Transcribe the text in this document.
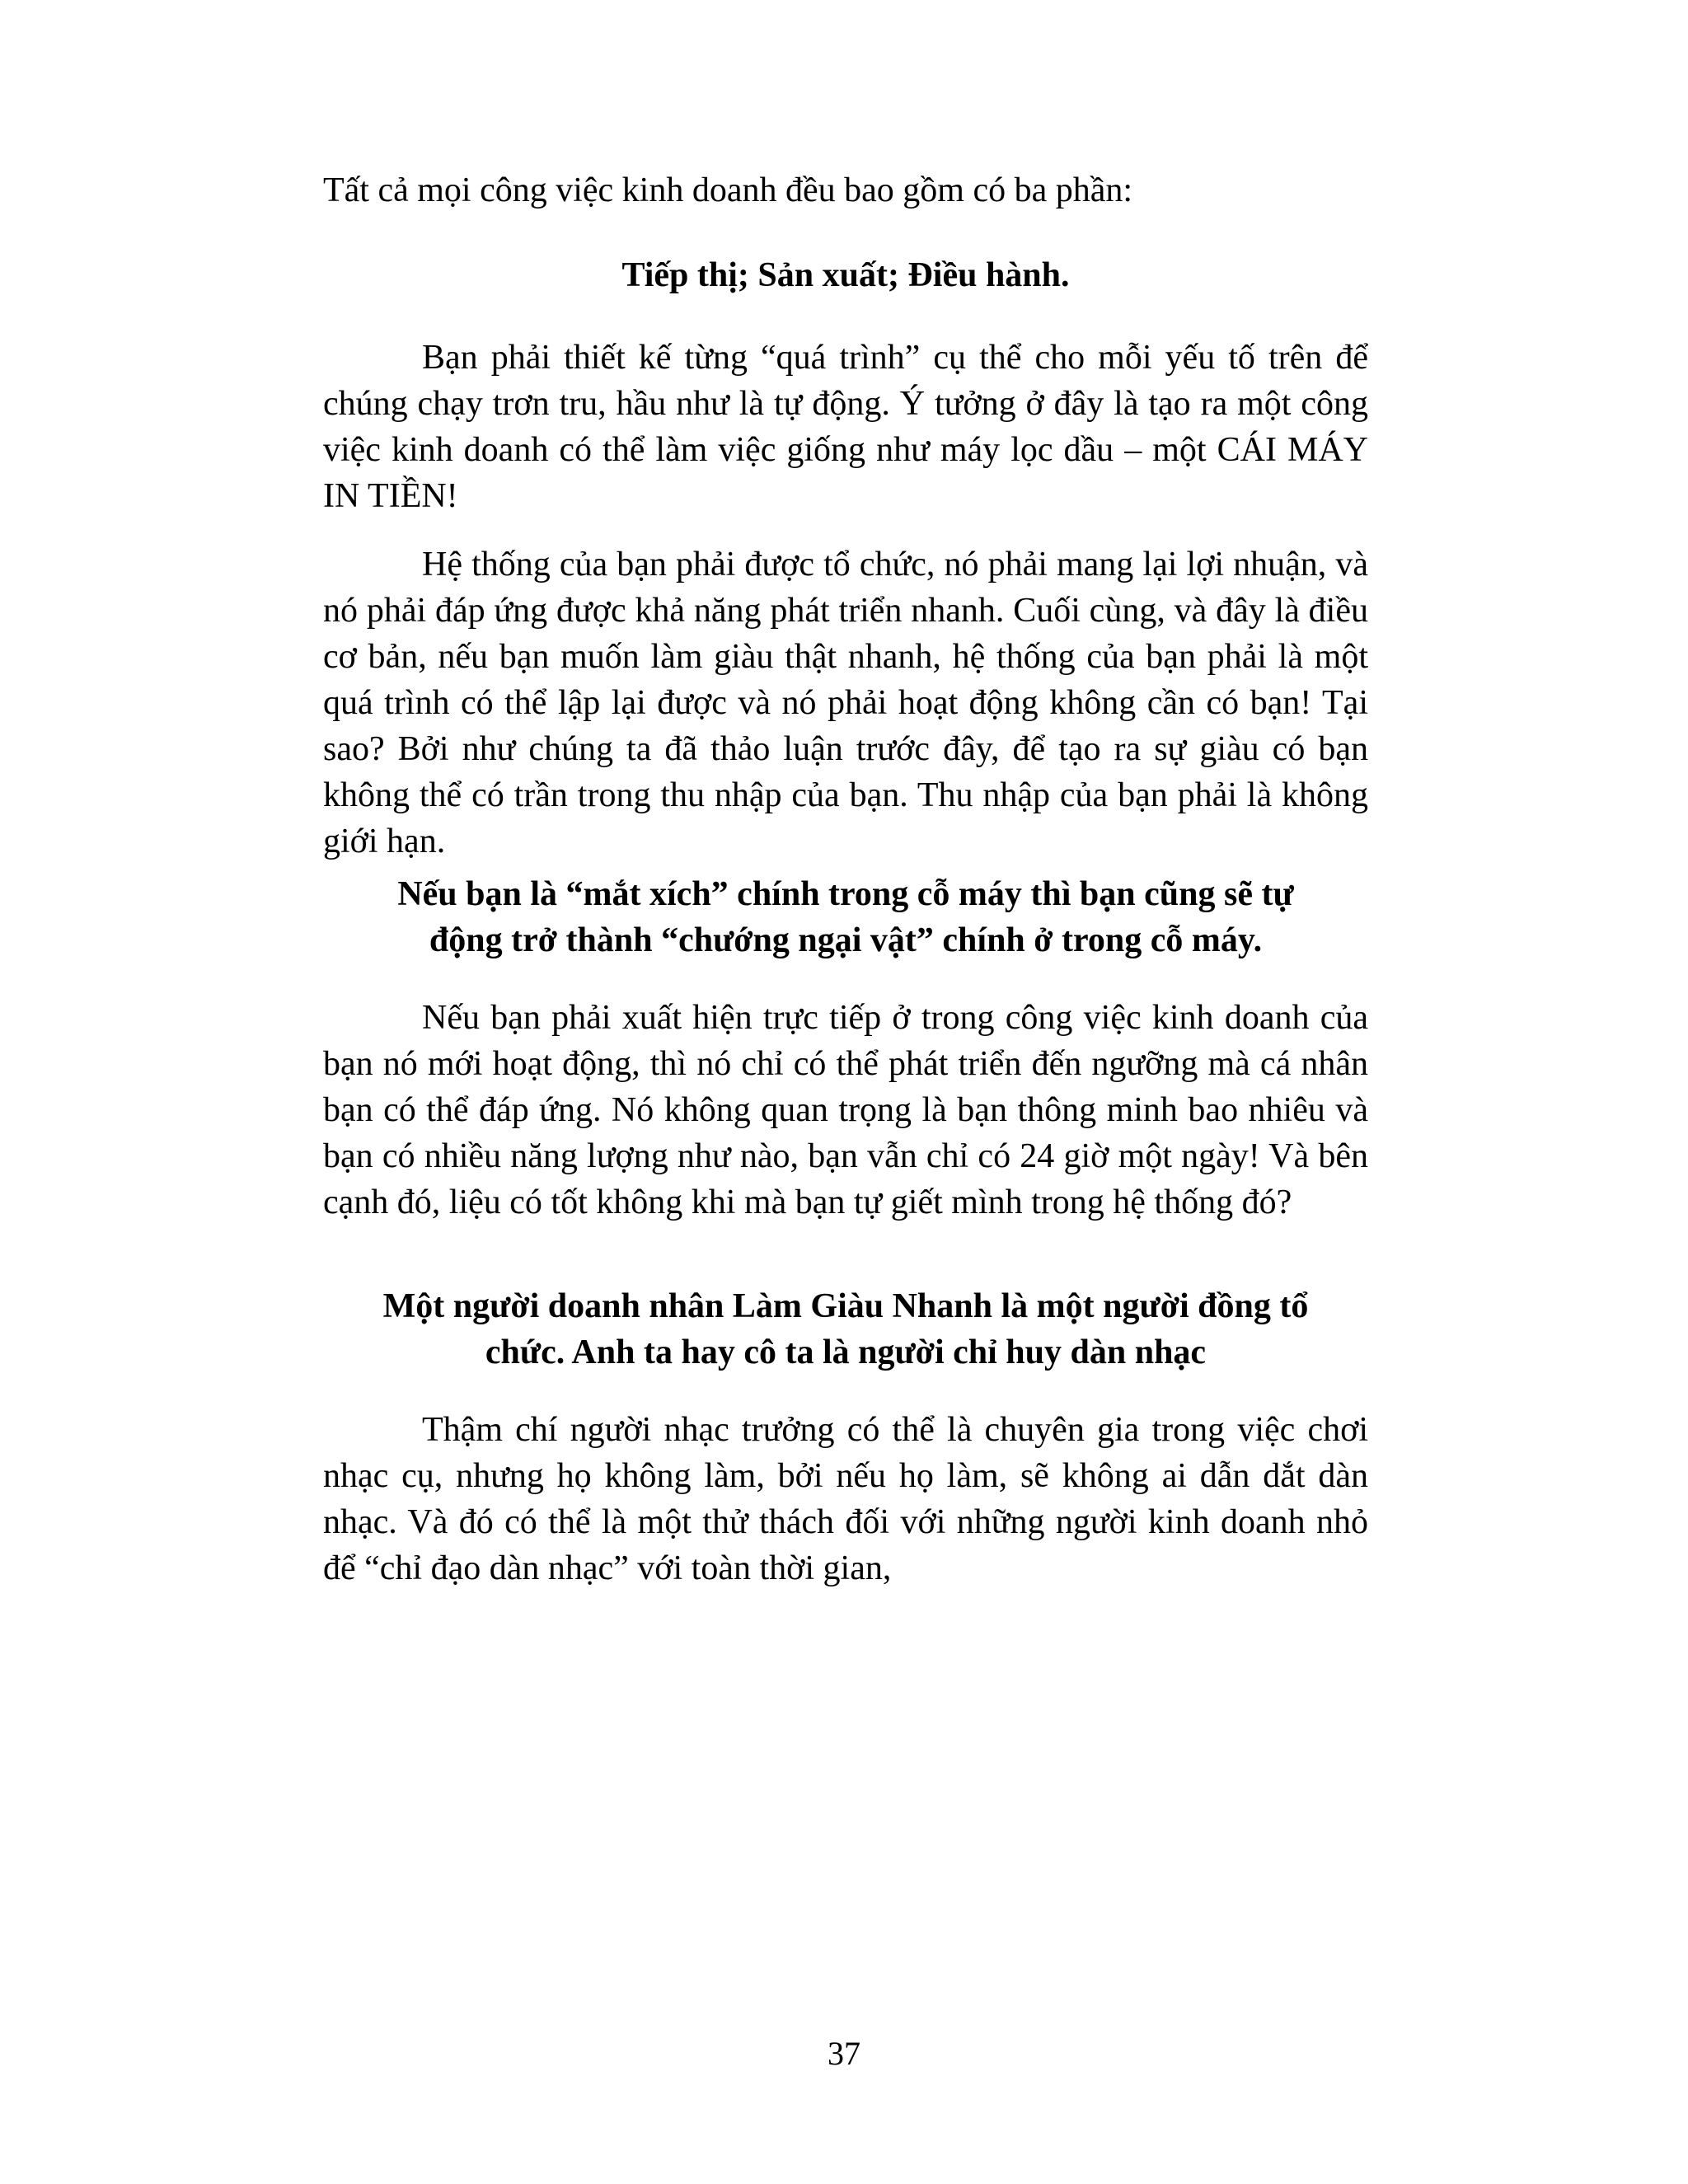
Tất cả mọi công việc kinh doanh đều bao gồm có ba phần:

Tiếp thị; Sản xuất; Điều hành.

Bạn phải thiết kế từng “quá trình” cụ thể cho mỗi yếu tố trên để chúng chạy trơn tru, hầu như là tự động. Ý tưởng ở đây là tạo ra một công việc kinh doanh có thể làm việc giống như máy lọc dầu – một CÁI MÁY IN TIỀN!

Hệ thống của bạn phải được tổ chức, nó phải mang lại lợi nhuận, và nó phải đáp ứng được khả năng phát triển nhanh. Cuối cùng, và đây là điều cơ bản, nếu bạn muốn làm giàu thật nhanh, hệ thống của bạn phải là một quá trình có thể lập lại được và nó phải hoạt động không cần có bạn! Tại sao? Bởi như chúng ta đã thảo luận trước đây, để tạo ra sự giàu có bạn không thể có trần trong thu nhập của bạn. Thu nhập của bạn phải là không giới hạn.

Nếu bạn là “mắt xích” chính trong cỗ máy thì bạn cũng sẽ tự

động trở thành “chướng ngại vật” chính ở trong cỗ máy.

Nếu bạn phải xuất hiện trực tiếp ở trong công việc kinh doanh của bạn nó mới hoạt động, thì nó chỉ có thể phát triển đến ngưỡng mà cá nhân bạn có thể đáp ứng. Nó không quan trọng là bạn thông minh bao nhiêu và bạn có nhiều năng lượng như nào, bạn vẫn chỉ có 24 giờ một ngày! Và bên cạnh đó, liệu có tốt không khi mà bạn tự giết mình trong hệ thống đó?

Một người doanh nhân Làm Giàu Nhanh là một người đồng tổ

chức. Anh ta hay cô ta là người chỉ huy dàn nhạc

Thậm chí người nhạc trưởng có thể là chuyên gia trong việc chơi nhạc cụ, nhưng họ không làm, bởi nếu họ làm, sẽ không ai dẫn dắt dàn nhạc. Và đó có thể là một thử thách đối với những người kinh doanh nhỏ để “chỉ đạo dàn nhạc” với toàn thời gian,

37
